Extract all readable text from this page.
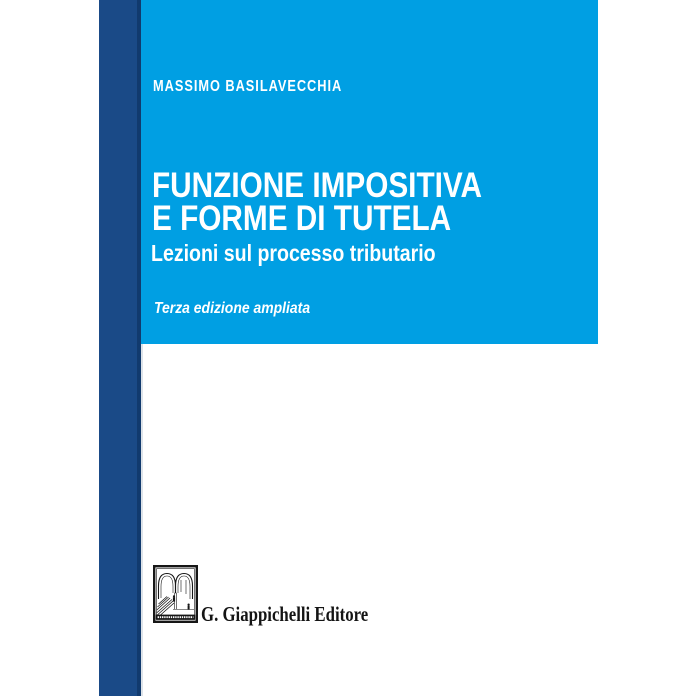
MASSIMO BASILAVECCHIA
FUNZIONE IMPOSITIVA
E FORME DI TUTELA
Lezioni sul processo tributario
Terza edizione ampliata
G. Giappichelli Editore
